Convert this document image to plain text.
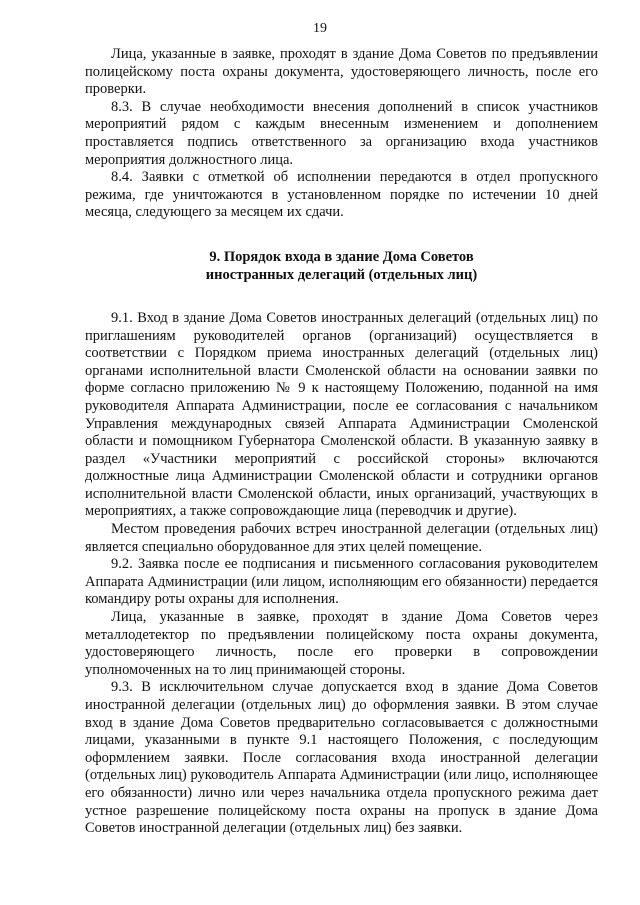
19

Лица, указанные в заявке, проходят в здание Дома Советов по предъявлении полицейскому поста охраны документа, удостоверяющего личность, после его проверки.

8.3. В случае необходимости внесения дополнений в список участников мероприятий рядом с каждым внесенным изменением и дополнением проставляется подпись ответственного за организацию входа участников мероприятия должностного лица.

8.4. Заявки с отметкой об исполнении передаются в отдел пропускного режима, где уничтожаются в установленном порядке по истечении 10 дней месяца, следующего за месяцем их сдачи.

9. Порядок входа в здание Дома Советов
иностранных делегаций (отдельных лиц)

9.1. Вход в здание Дома Советов иностранных делегаций (отдельных лиц) по приглашениям руководителей органов (организаций) осуществляется в соответствии с Порядком приема иностранных делегаций (отдельных лиц) органами исполнительной власти Смоленской области на основании заявки по форме согласно приложению № 9 к настоящему Положению, поданной на имя руководителя Аппарата Администрации, после ее согласования с начальником Управления международных связей Аппарата Администрации Смоленской области и помощником Губернатора Смоленской области. В указанную заявку в раздел «Участники мероприятий с российской стороны» включаются должностные лица Администрации Смоленской области и сотрудники органов исполнительной власти Смоленской области, иных организаций, участвующих в мероприятиях, а также сопровождающие лица (переводчик и другие).

Местом проведения рабочих встреч иностранной делегации (отдельных лиц) является специально оборудованное для этих целей помещение.

9.2. Заявка после ее подписания и письменного согласования руководителем Аппарата Администрации (или лицом, исполняющим его обязанности) передается командиру роты охраны для исполнения.

Лица, указанные в заявке, проходят в здание Дома Советов через металлодетектор по предъявлении полицейскому поста охраны документа, удостоверяющего личность, после его проверки в сопровождении уполномоченных на то лиц принимающей стороны.

9.3. В исключительном случае допускается вход в здание Дома Советов иностранной делегации (отдельных лиц) до оформления заявки. В этом случае вход в здание Дома Советов предварительно согласовывается с должностными лицами, указанными в пункте 9.1 настоящего Положения, с последующим оформлением заявки. После согласования входа иностранной делегации (отдельных лиц) руководитель Аппарата Администрации (или лицо, исполняющее его обязанности) лично или через начальника отдела пропускного режима дает устное разрешение полицейскому поста охраны на пропуск в здание Дома Советов иностранной делегации (отдельных лиц) без заявки.
